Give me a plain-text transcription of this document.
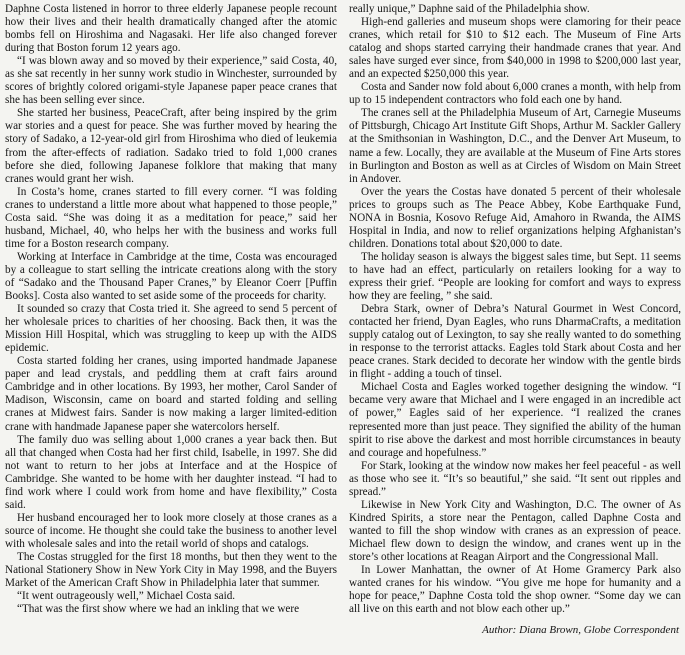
Daphne Costa listened in horror to three elderly Japanese people recount how their lives and their health dramatically changed after the atomic bombs fell on Hiroshima and Nagasaki. Her life also changed forever during that Boston forum 12 years ago.

“I was blown away and so moved by their experience,” said Costa, 40, as she sat recently in her sunny work studio in Winchester, surrounded by scores of brightly colored origami-style Japanese paper peace cranes that she has been selling ever since.

She started her business, PeaceCraft, after being inspired by the grim war stories and a quest for peace. She was further moved by hearing the story of Sadako, a 12-year-old girl from Hiroshima who died of leukemia from the after-effects of radiation. Sadako tried to fold 1,000 cranes before she died, following Japanese folklore that making that many cranes would grant her wish.

In Costa’s home, cranes started to fill every corner. “I was folding cranes to understand a little more about what happened to those people,” Costa said. “She was doing it as a meditation for peace,” said her husband, Michael, 40, who helps her with the business and works full time for a Boston research company.

Working at Interface in Cambridge at the time, Costa was encouraged by a colleague to start selling the intricate creations along with the story of “Sadako and the Thousand Paper Cranes,” by Eleanor Coerr [Puffin Books]. Costa also wanted to set aside some of the proceeds for charity.

It sounded so crazy that Costa tried it. She agreed to send 5 percent of her wholesale prices to charities of her choosing. Back then, it was the Mission Hill Hospital, which was struggling to keep up with the AIDS epidemic.

Costa started folding her cranes, using imported handmade Japanese paper and lead crystals, and peddling them at craft fairs around Cambridge and in other locations. By 1993, her mother, Carol Sander of Madison, Wisconsin, came on board and started folding and selling cranes at Midwest fairs. Sander is now making a larger limited-edition crane with handmade Japanese paper she watercolors herself.

The family duo was selling about 1,000 cranes a year back then. But all that changed when Costa had her first child, Isabelle, in 1997. She did not want to return to her jobs at Interface and at the Hospice of Cambridge. She wanted to be home with her daughter instead. “I had to find work where I could work from home and have flexibility,” Costa said.

Her husband encouraged her to look more closely at those cranes as a source of income. He thought she could take the business to another level with wholesale sales and into the retail world of shops and catalogs.

The Costas struggled for the first 18 months, but then they went to the National Stationery Show in New York City in May 1998, and the Buyers Market of the American Craft Show in Philadelphia later that summer.

“It went outrageously well,” Michael Costa said.

“That was the first show where we had an inkling that we were

really unique,” Daphne said of the Philadelphia show.

High-end galleries and museum shops were clamoring for their peace cranes, which retail for $10 to $12 each. The Museum of Fine Arts catalog and shops started carrying their handmade cranes that year. And sales have surged ever since, from $40,000 in 1998 to $200,000 last year, and an expected $250,000 this year.

Costa and Sander now fold about 6,000 cranes a month, with help from up to 15 independent contractors who fold each one by hand.

The cranes sell at the Philadelphia Museum of Art, Carnegie Museums of Pittsburgh, Chicago Art Institute Gift Shops, Arthur M. Sackler Gallery at the Smithsonian in Washington, D.C., and the Denver Art Museum, to name a few. Locally, they are available at the Museum of Fine Arts stores in Burlington and Boston as well as at Circles of Wisdom on Main Street in Andover.

Over the years the Costas have donated 5 percent of their wholesale prices to groups such as The Peace Abbey, Kobe Earthquake Fund, NONA in Bosnia, Kosovo Refuge Aid, Amahoro in Rwanda, the AIMS Hospital in India, and now to relief organizations helping Afghanistan’s children. Donations total about $20,000 to date.

The holiday season is always the biggest sales time, but Sept. 11 seems to have had an effect, particularly on retailers looking for a way to express their grief. “People are looking for comfort and ways to express how they are feeling, ” she said.

Debra Stark, owner of Debra’s Natural Gourmet in West Concord, contacted her friend, Dyan Eagles, who runs DharmaCrafts, a meditation supply catalog out of Lexington, to say she really wanted to do something in response to the terrorist attacks. Eagles told Stark about Costa and her peace cranes. Stark decided to decorate her window with the gentle birds in flight - adding a touch of tinsel.

Michael Costa and Eagles worked together designing the window. “I became very aware that Michael and I were engaged in an incredible act of power,” Eagles said of her experience. “I realized the cranes represented more than just peace. They signified the ability of the human spirit to rise above the darkest and most horrible circumstances in beauty and courage and hopefulness.”

For Stark, looking at the window now makes her feel peaceful - as well as those who see it. “It’s so beautiful,” she said. “It sent out ripples and spread.”

Likewise in New York City and Washington, D.C. The owner of As Kindred Spirits, a store near the Pentagon, called Daphne Costa and wanted to fill the shop window with cranes as an expression of peace. Michael flew down to design the window, and cranes went up in the store’s other locations at Reagan Airport and the Congressional Mall.

In Lower Manhattan, the owner of At Home Gramercy Park also wanted cranes for his window. “You give me hope for humanity and a hope for peace,” Daphne Costa told the shop owner. “Some day we can all live on this earth and not blow each other up.”

Author: Diana Brown, Globe Correspondent
